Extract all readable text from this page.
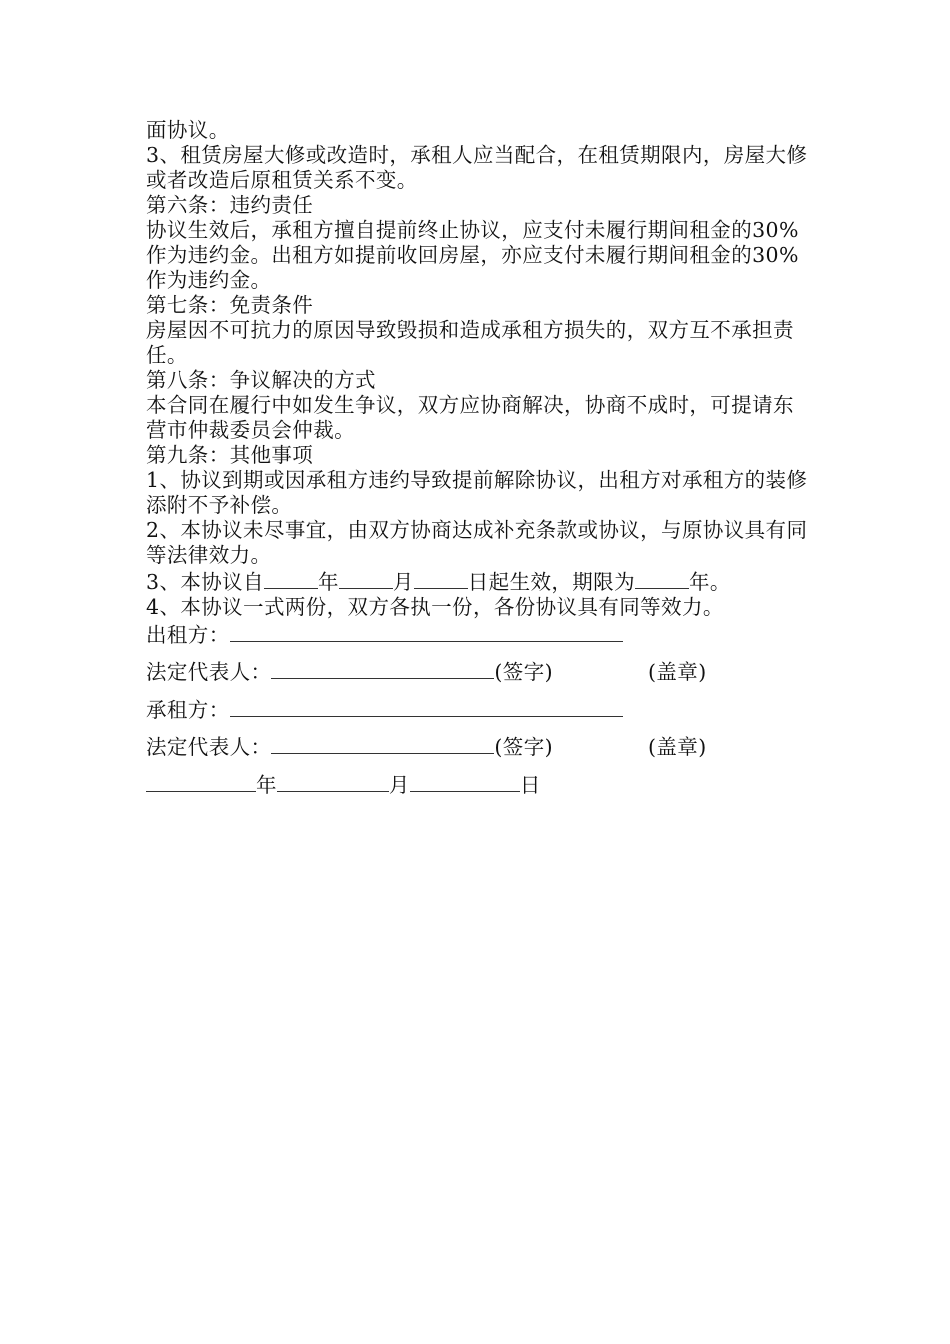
面协议。

3、租赁房屋大修或改造时，承租人应当配合，在租赁期限内，房屋大修或者改造后原租赁关系不变。

第六条：违约责任

协议生效后，承租方擅自提前终止协议，应支付未履行期间租金的30%作为违约金。出租方如提前收回房屋，亦应支付未履行期间租金的30%作为违约金。

第七条：免责条件

房屋因不可抗力的原因导致毁损和造成承租方损失的，双方互不承担责任。

第八条：争议解决的方式

本合同在履行中如发生争议，双方应协商解决，协商不成时，可提请东营市仲裁委员会仲裁。

第九条：其他事项

1、协议到期或因承租方违约导致提前解除协议，出租方对承租方的装修添附不予补偿。

2、本协议未尽事宜，由双方协商达成补充条款或协议，与原协议具有同等法律效力。

3、本协议自	年	月	日起生效，期限为	年。

4、本协议一式两份，双方各执一份，各份协议具有同等效力。

出租方：
法定代表人：	(签字)	(盖章)
承租方：
法定代表人：	(签字)	(盖章)
年	月	日
